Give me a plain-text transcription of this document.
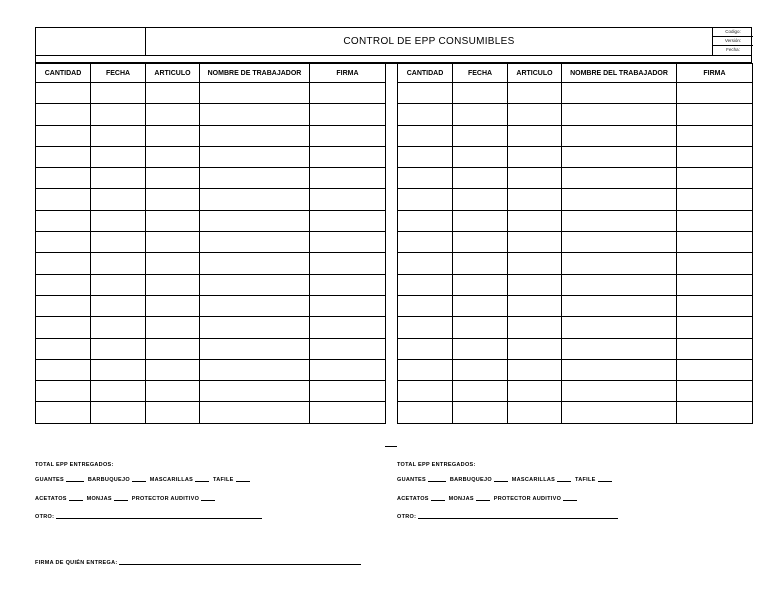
CONTROL DE EPP CONSUMIBLES
Codigo:
Versión:
Fecha:
CANTIDAD	FECHA	ARTICULO	NOMBRE DE TRABAJADOR	FIRMA

					CANTIDAD	FECHA	ARTICULO	NOMBRE DEL TRABAJADOR	FIRMA

TOTAL EPP ENTREGADOS:
GUANTES	BARBUQUEJO	MASCARILLAS	TAFILE
ACETATOS	MONJAS	PROTECTOR AUDITIVO
OTRO:
TOTAL EPP ENTREGADOS:
GUANTES	BARBUQUEJO	MASCARILLAS	TAFILE
ACETATOS	MONJAS	PROTECTOR AUDITIVO
OTRO:
FIRMA DE QUIÉN ENTREGA:
